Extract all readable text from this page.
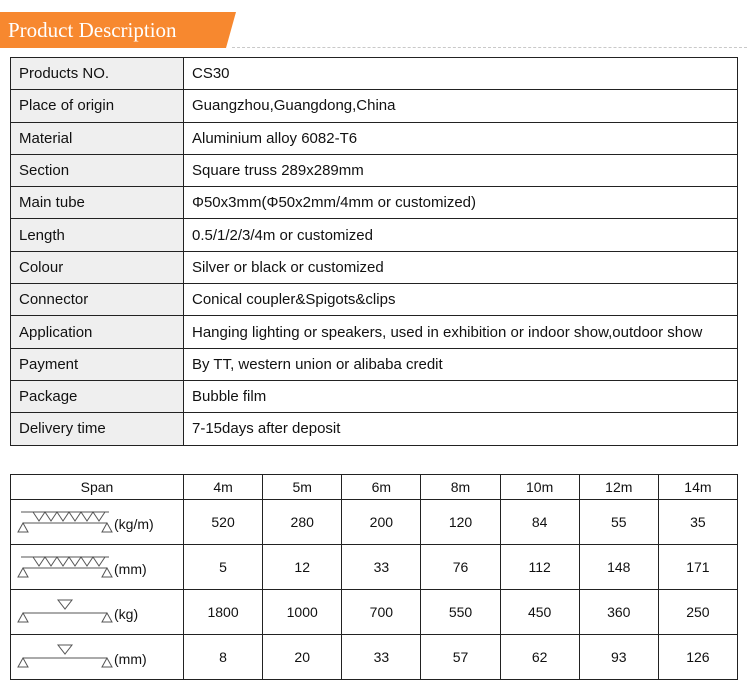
Product Description
Products NO.	CS30
Place of origin	Guangzhou,Guangdong,China
Material	Aluminium alloy 6082-T6
Section	Square truss 289x289mm
Main tube	Φ50x3mm(Φ50x2mm/4mm or customized)
Length	0.5/1/2/3/4m or customized
Colour	Silver or black or customized
Connector	Conical coupler&Spigots&clips
Application	Hanging lighting or speakers, used in exhibition or indoor show,outdoor show
Payment	By TT, western union or alibaba credit
Package	Bubble film
Delivery time	7-15days after deposit
Span	4m	5m	6m	8m	10m	12m	14m

(kg/m)	520	280	200	120	84	55	35

(mm)	5	12	33	76	112	148	171

(kg)	1800	1000	700	550	450	360	250

(mm)	8	20	33	57	62	93	126
